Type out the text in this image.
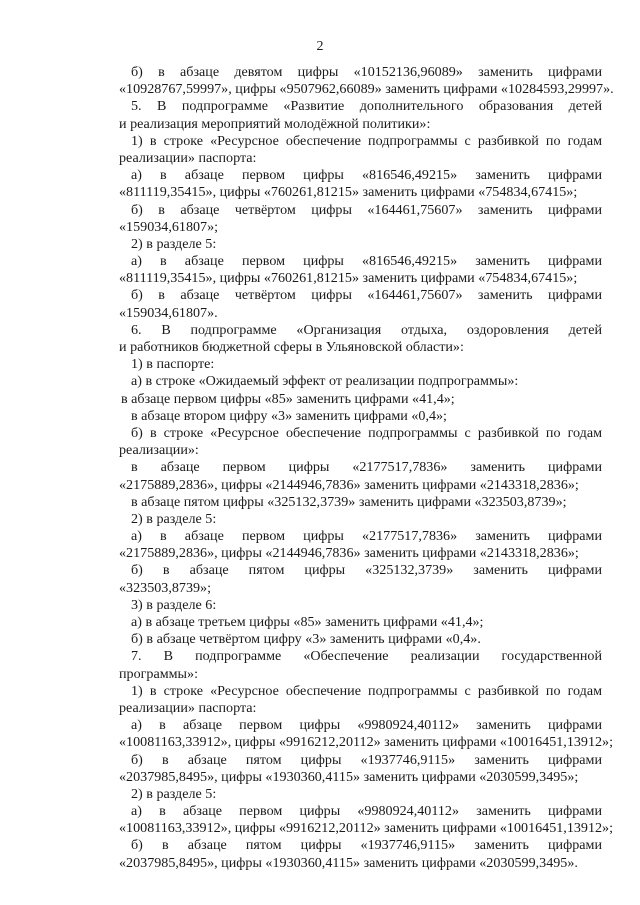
2
б) в абзаце девятом цифры «10152136,96089» заменить цифрами
«10928767,59997», цифры «9507962,66089» заменить цифрами «10284593,29997».
5. В подпрограмме «Развитие дополнительного образования детей
и реализация мероприятий молодёжной политики»:
1) в строке «Ресурсное обеспечение подпрограммы с разбивкой по годам
реализации» паспорта:
а) в абзаце первом цифры «816546,49215» заменить цифрами
«811119,35415», цифры «760261,81215» заменить цифрами «754834,67415»;
б) в абзаце четвёртом цифры «164461,75607» заменить цифрами
«159034,61807»;
2) в разделе 5:
а) в абзаце первом цифры «816546,49215» заменить цифрами
«811119,35415», цифры «760261,81215» заменить цифрами «754834,67415»;
б) в абзаце четвёртом цифры «164461,75607» заменить цифрами
«159034,61807».
6. В подпрограмме «Организация отдыха, оздоровления детей
и работников бюджетной сферы в Ульяновской области»:
1) в паспорте:
а) в строке «Ожидаемый эффект от реализации подпрограммы»:
в абзаце первом цифры «85» заменить цифрами «41,4»;
в абзаце втором цифру «3» заменить цифрами «0,4»;
б) в строке «Ресурсное обеспечение подпрограммы с разбивкой по годам
реализации»:
в абзаце первом цифры «2177517,7836» заменить цифрами
«2175889,2836», цифры «2144946,7836» заменить цифрами «2143318,2836»;
в абзаце пятом цифры «325132,3739» заменить цифрами «323503,8739»;
2) в разделе 5:
а) в абзаце первом цифры «2177517,7836» заменить цифрами
«2175889,2836», цифры «2144946,7836» заменить цифрами «2143318,2836»;
б) в абзаце пятом цифры «325132,3739» заменить цифрами
«323503,8739»;
3) в разделе 6:
а) в абзаце третьем цифры «85» заменить цифрами «41,4»;
б) в абзаце четвёртом цифру «3» заменить цифрами «0,4».
7. В подпрограмме «Обеспечение реализации государственной
программы»:
1) в строке «Ресурсное обеспечение подпрограммы с разбивкой по годам
реализации» паспорта:
а) в абзаце первом цифры «9980924,40112» заменить цифрами
«10081163,33912», цифры «9916212,20112» заменить цифрами «10016451,13912»;
б) в абзаце пятом цифры «1937746,9115» заменить цифрами
«2037985,8495», цифры «1930360,4115» заменить цифрами «2030599,3495»;
2) в разделе 5:
а) в абзаце первом цифры «9980924,40112» заменить цифрами
«10081163,33912», цифры «9916212,20112» заменить цифрами «10016451,13912»;
б) в абзаце пятом цифры «1937746,9115» заменить цифрами
«2037985,8495», цифры «1930360,4115» заменить цифрами «2030599,3495».
